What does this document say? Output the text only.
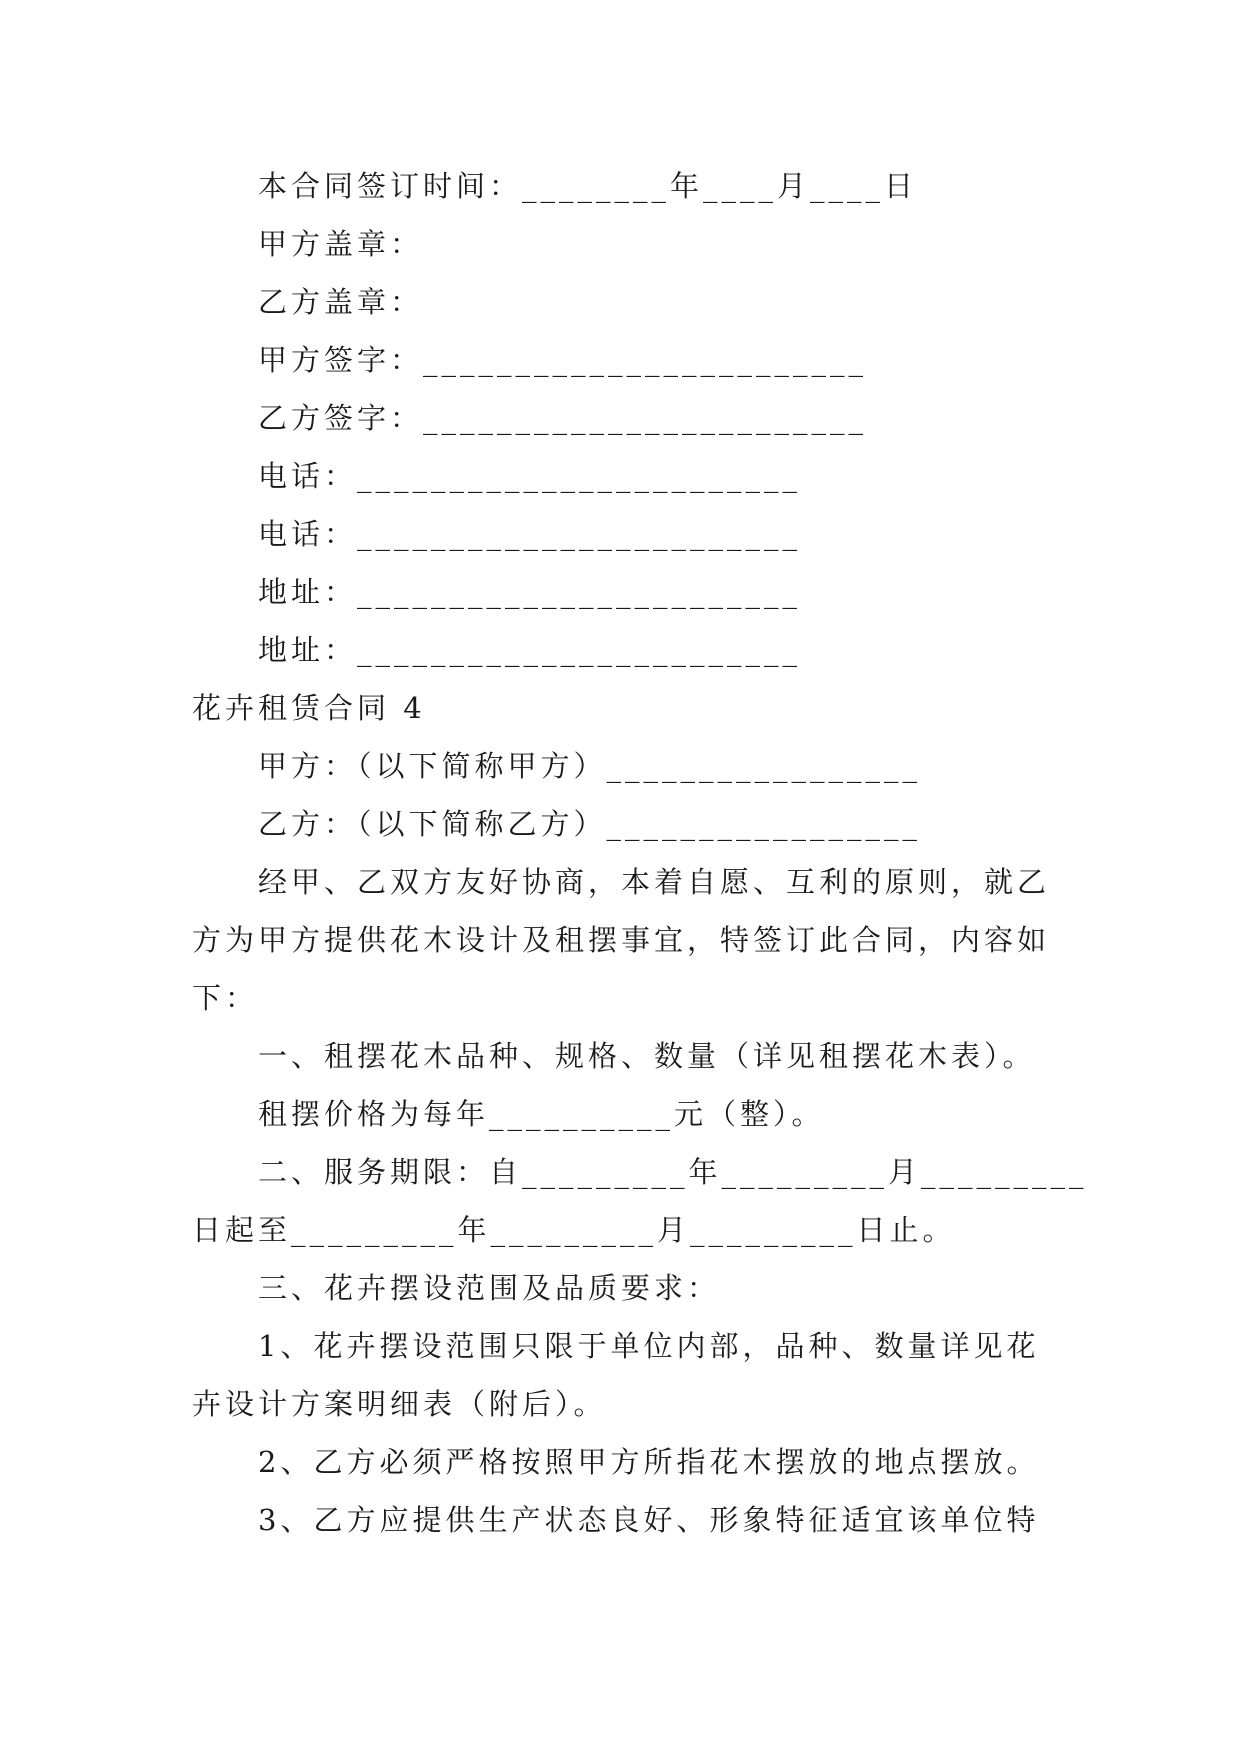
本合同签订时间：________年____月____日
甲方盖章：
乙方盖章：
甲方签字：________________________
乙方签字：________________________
电话：________________________
电话：________________________
地址：________________________
地址：________________________
花卉租赁合同 4
甲方：（以下简称甲方）_________________
乙方：（以下简称乙方）_________________
经甲、乙双方友好协商，本着自愿、互利的原则，就乙
方为甲方提供花木设计及租摆事宜，特签订此合同，内容如
下：
一、租摆花木品种、规格、数量（详见租摆花木表）。
租摆价格为每年__________元（整）。
二、服务期限：自_________年_________月_________
日起至_________年_________月_________日止。
三、花卉摆设范围及品质要求：
1、花卉摆设范围只限于单位内部，品种、数量详见花
卉设计方案明细表（附后）。
2、乙方必须严格按照甲方所指花木摆放的地点摆放。
3、乙方应提供生产状态良好、形象特征适宜该单位特
